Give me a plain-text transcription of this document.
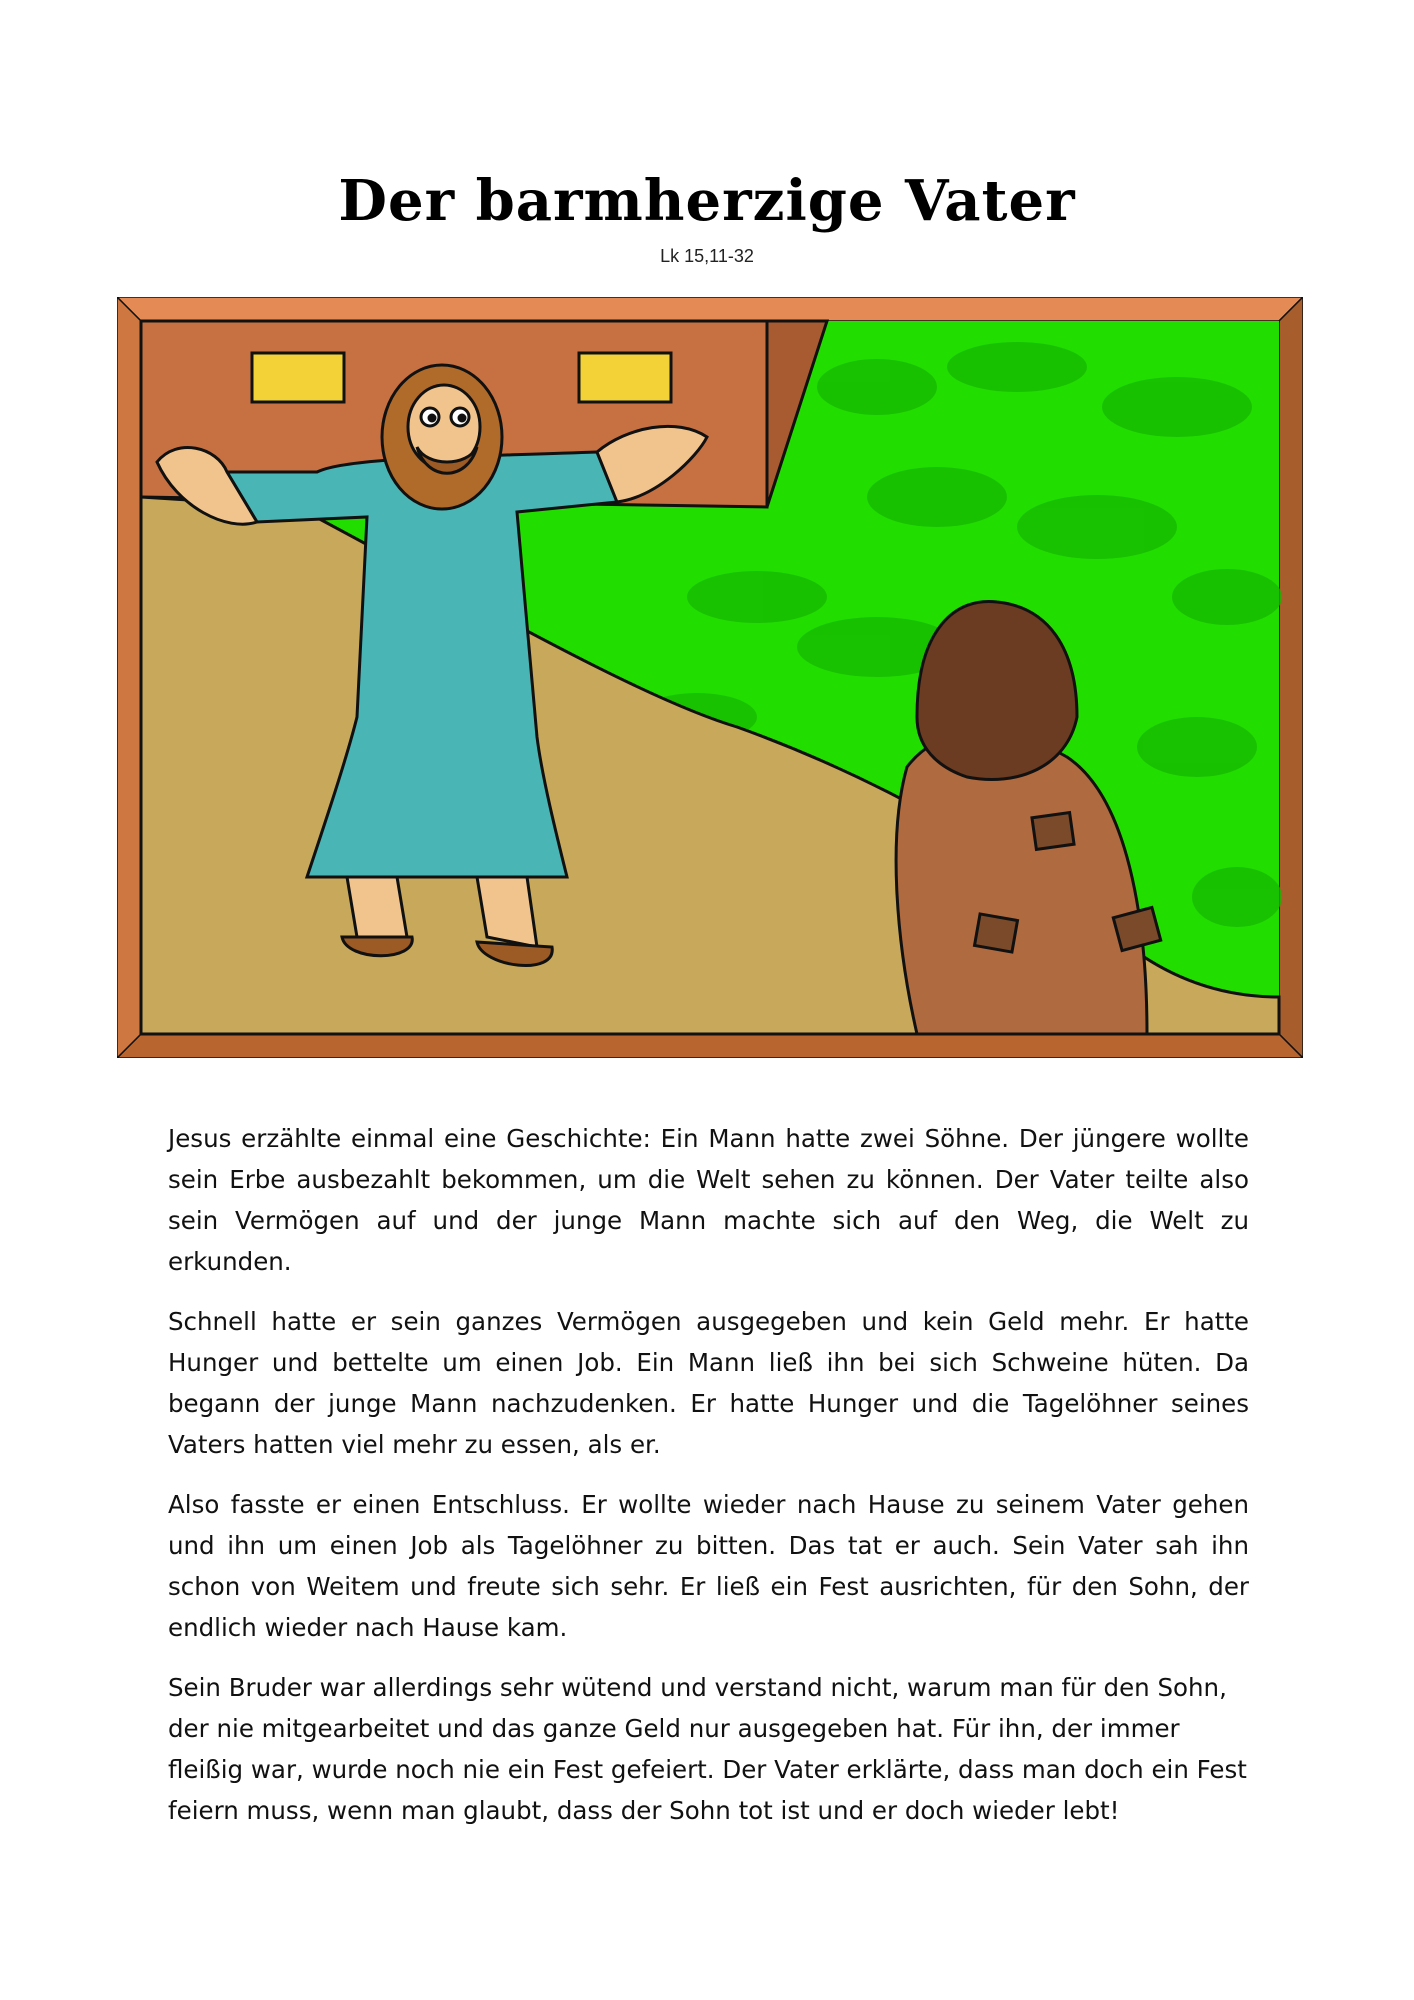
Der barmherzige Vater
Lk 15,11-32

Jesus erzählte einmal eine Geschichte: Ein Mann hatte zwei Söhne. Der jüngere wollte sein Erbe ausbezahlt bekommen, um die Welt sehen zu können. Der Vater teilte also sein Vermögen auf und der junge Mann machte sich auf den Weg, die Welt zu erkunden.

Schnell hatte er sein ganzes Vermögen ausgegeben und kein Geld mehr. Er hatte Hunger und bettelte um einen Job. Ein Mann ließ ihn bei sich Schweine hüten. Da begann der junge Mann nachzudenken. Er hatte Hunger und die Tagelöhner seines Vaters hatten viel mehr zu essen, als er.

Also fasste er einen Entschluss. Er wollte wieder nach Hause zu seinem Vater gehen und ihn um einen Job als Tagelöhner zu bitten. Das tat er auch. Sein Vater sah ihn schon von Weitem und freute sich sehr. Er ließ ein Fest ausrichten, für den Sohn, der endlich wieder nach Hause kam.

Sein Bruder war allerdings sehr wütend und verstand nicht, warum man für den Sohn, der nie mitgearbeitet und das ganze Geld nur ausgegeben hat. Für ihn, der immer fleißig war, wurde noch nie ein Fest gefeiert. Der Vater erklärte, dass man doch ein Fest feiern muss, wenn man glaubt, dass der Sohn tot ist und er doch wieder lebt!
